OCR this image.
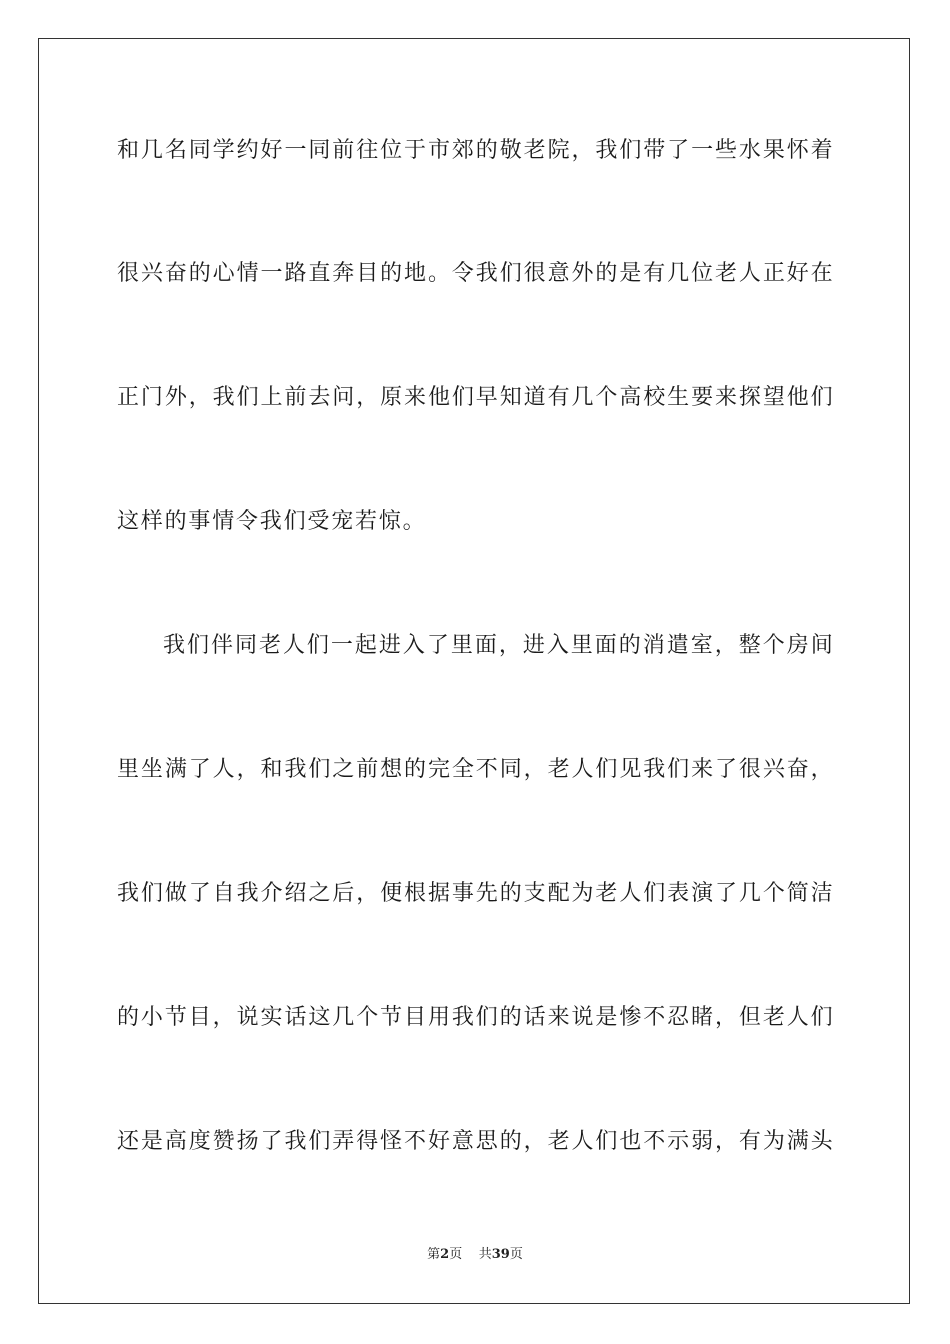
和几名同学约好一同前往位于市郊的敬老院，我们带了一些水果怀着
很兴奋的心情一路直奔目的地。令我们很意外的是有几位老人正好在
正门外，我们上前去问，原来他们早知道有几个高校生要来探望他们
这样的事情令我们受宠若惊。
我们伴同老人们一起进入了里面，进入里面的消遣室，整个房间
里坐满了人，和我们之前想的完全不同，老人们见我们来了很兴奋，
我们做了自我介绍之后，便根据事先的支配为老人们表演了几个简洁
的小节目，说实话这几个节目用我们的话来说是惨不忍睹，但老人们
还是高度赞扬了我们弄得怪不好意思的，老人们也不示弱，有为满头
第2页 共39页
